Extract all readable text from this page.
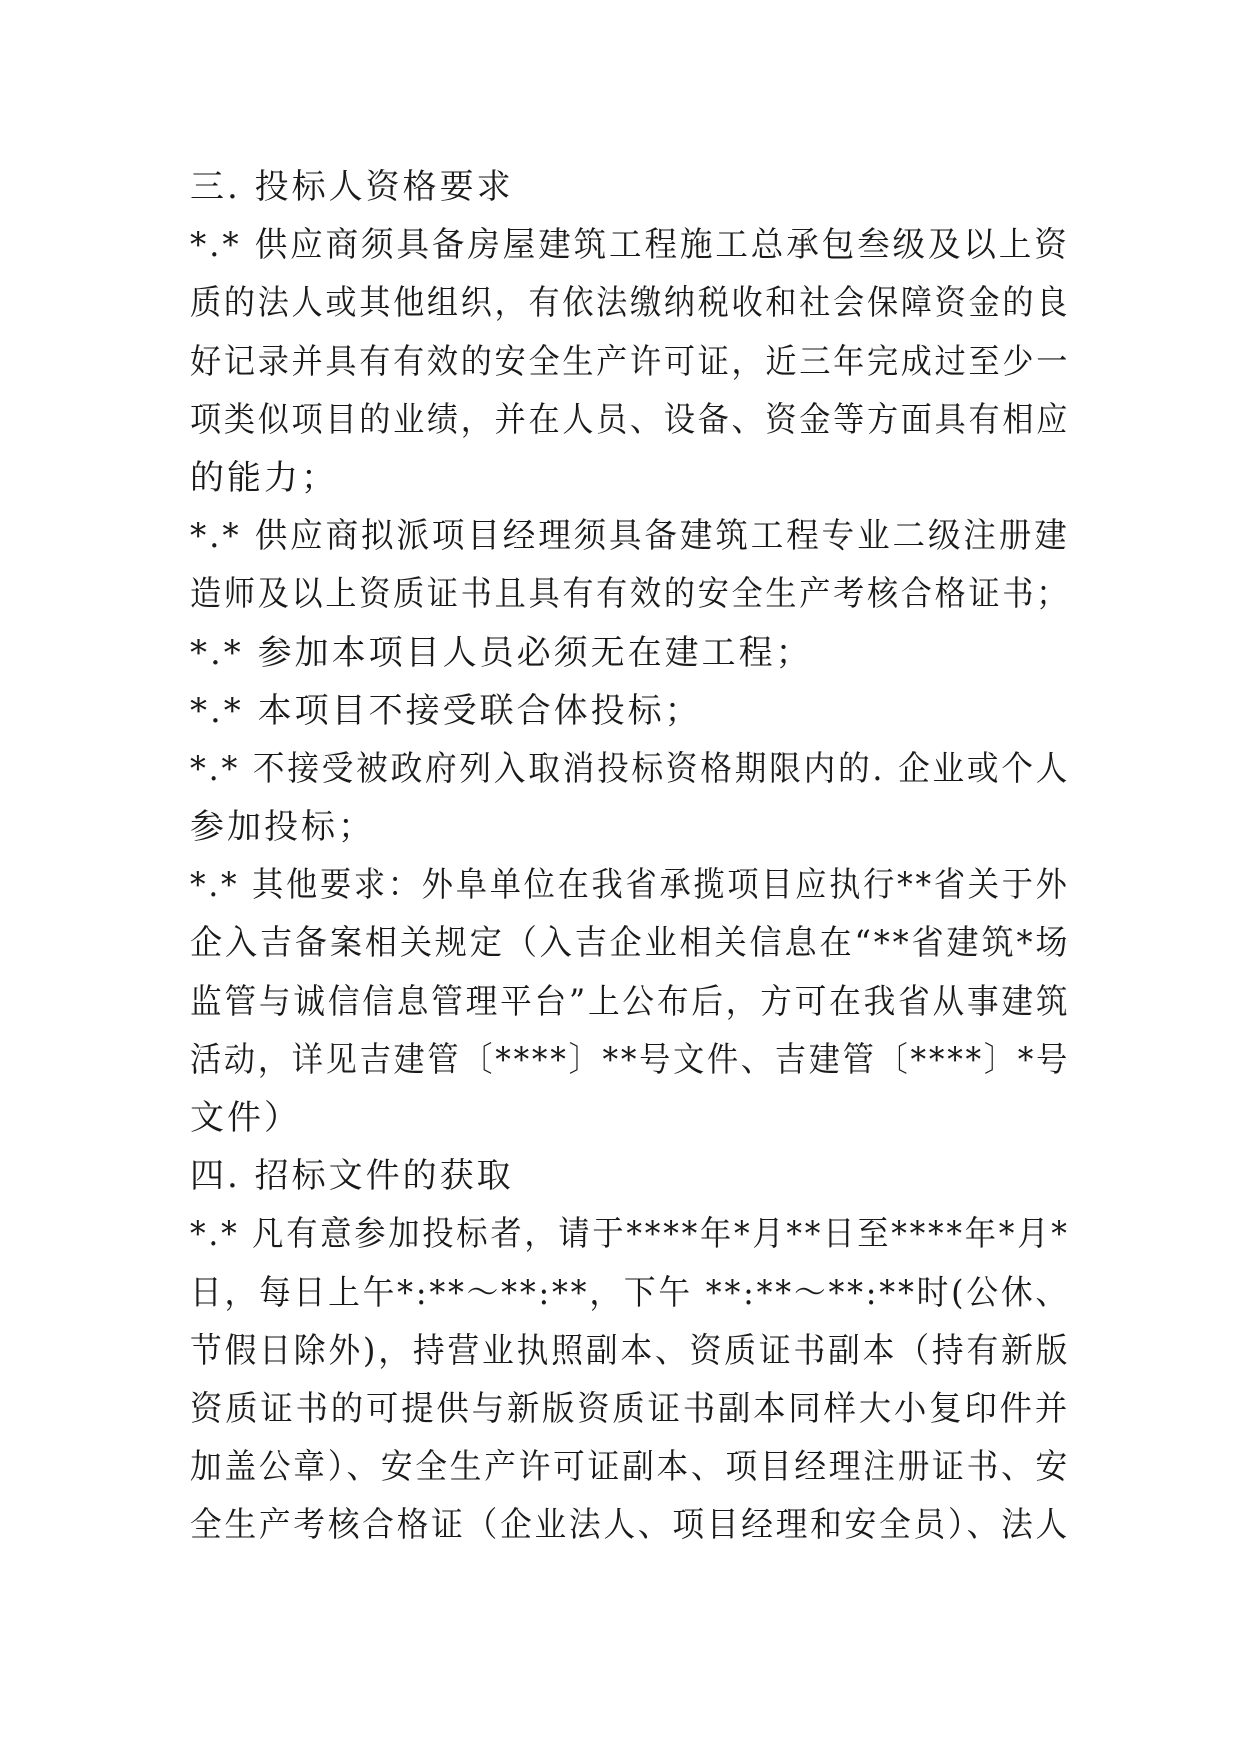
三. 投标人资格要求
*.* 供应商须具备房屋建筑工程施工总承包叁级及以上资
质的法人或其他组织，有依法缴纳税收和社会保障资金的良
好记录并具有有效的安全生产许可证，近三年完成过至少一
项类似项目的业绩，并在人员、设备、资金等方面具有相应
的能力；
*.* 供应商拟派项目经理须具备建筑工程专业二级注册建
造师及以上资质证书且具有有效的安全生产考核合格证书；
*.* 参加本项目人员必须无在建工程；
*.* 本项目不接受联合体投标；
*.* 不接受被政府列入取消投标资格期限内的. 企业或个人
参加投标；
*.* 其他要求：外阜单位在我省承揽项目应执行**省关于外
企入吉备案相关规定（入吉企业相关信息在“**省建筑*场
监管与诚信信息管理平台”上公布后，方可在我省从事建筑
活动，详见吉建管〔****〕**号文件、吉建管〔****〕*号
文件）
四. 招标文件的获取
*.* 凡有意参加投标者，请于****年*月**日至****年*月*
日，每日上午*:**～**:**，下午 **:**～**:**时(公休、
节假日除外)，持营业执照副本、资质证书副本（持有新版
资质证书的可提供与新版资质证书副本同样大小复印件并
加盖公章）、安全生产许可证副本、项目经理注册证书、安
全生产考核合格证（企业法人、项目经理和安全员）、法人
